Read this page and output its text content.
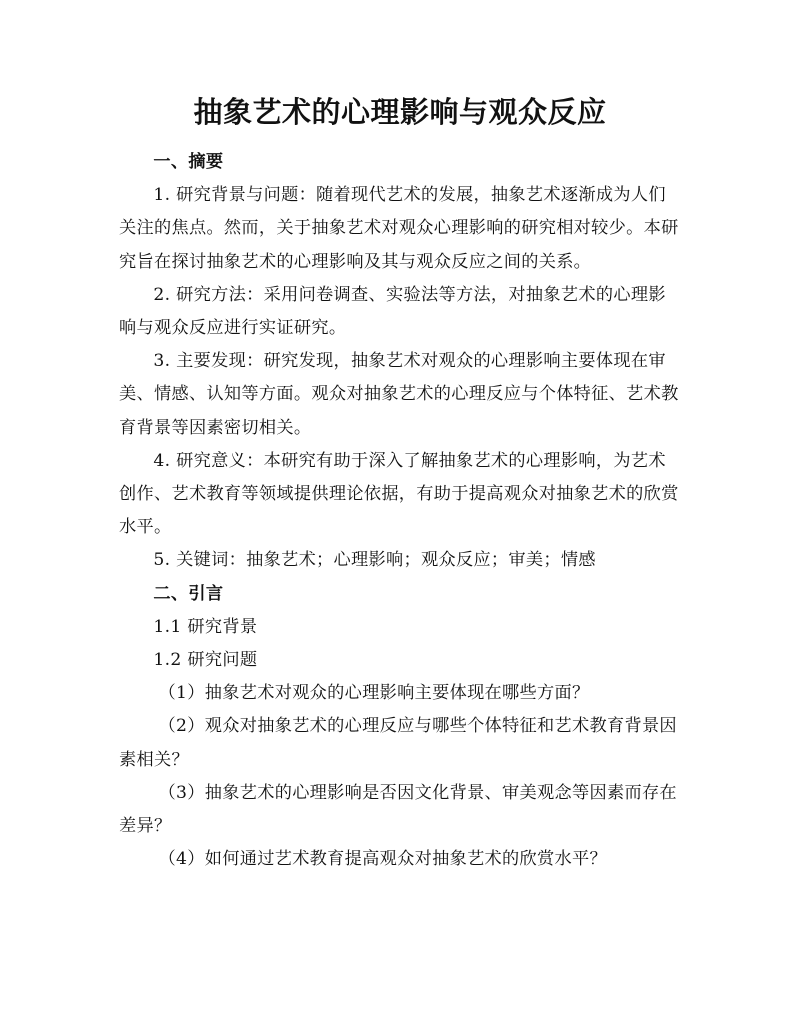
抽象艺术的心理影响与观众反应

一、摘要

1. 研究背景与问题：随着现代艺术的发展，抽象艺术逐渐成为人们关注的焦点。然而，关于抽象艺术对观众心理影响的研究相对较少。本研究旨在探讨抽象艺术的心理影响及其与观众反应之间的关系。

2. 研究方法：采用问卷调查、实验法等方法，对抽象艺术的心理影响与观众反应进行实证研究。

3. 主要发现：研究发现，抽象艺术对观众的心理影响主要体现在审美、情感、认知等方面。观众对抽象艺术的心理反应与个体特征、艺术教育背景等因素密切相关。

4. 研究意义：本研究有助于深入了解抽象艺术的心理影响，为艺术创作、艺术教育等领域提供理论依据，有助于提高观众对抽象艺术的欣赏水平。

5. 关键词：抽象艺术；心理影响；观众反应；审美；情感

二、引言

1.1 研究背景

1.2 研究问题

（1）抽象艺术对观众的心理影响主要体现在哪些方面？

（2）观众对抽象艺术的心理反应与哪些个体特征和艺术教育背景因素相关？

（3）抽象艺术的心理影响是否因文化背景、审美观念等因素而存在差异？

（4）如何通过艺术教育提高观众对抽象艺术的欣赏水平？
